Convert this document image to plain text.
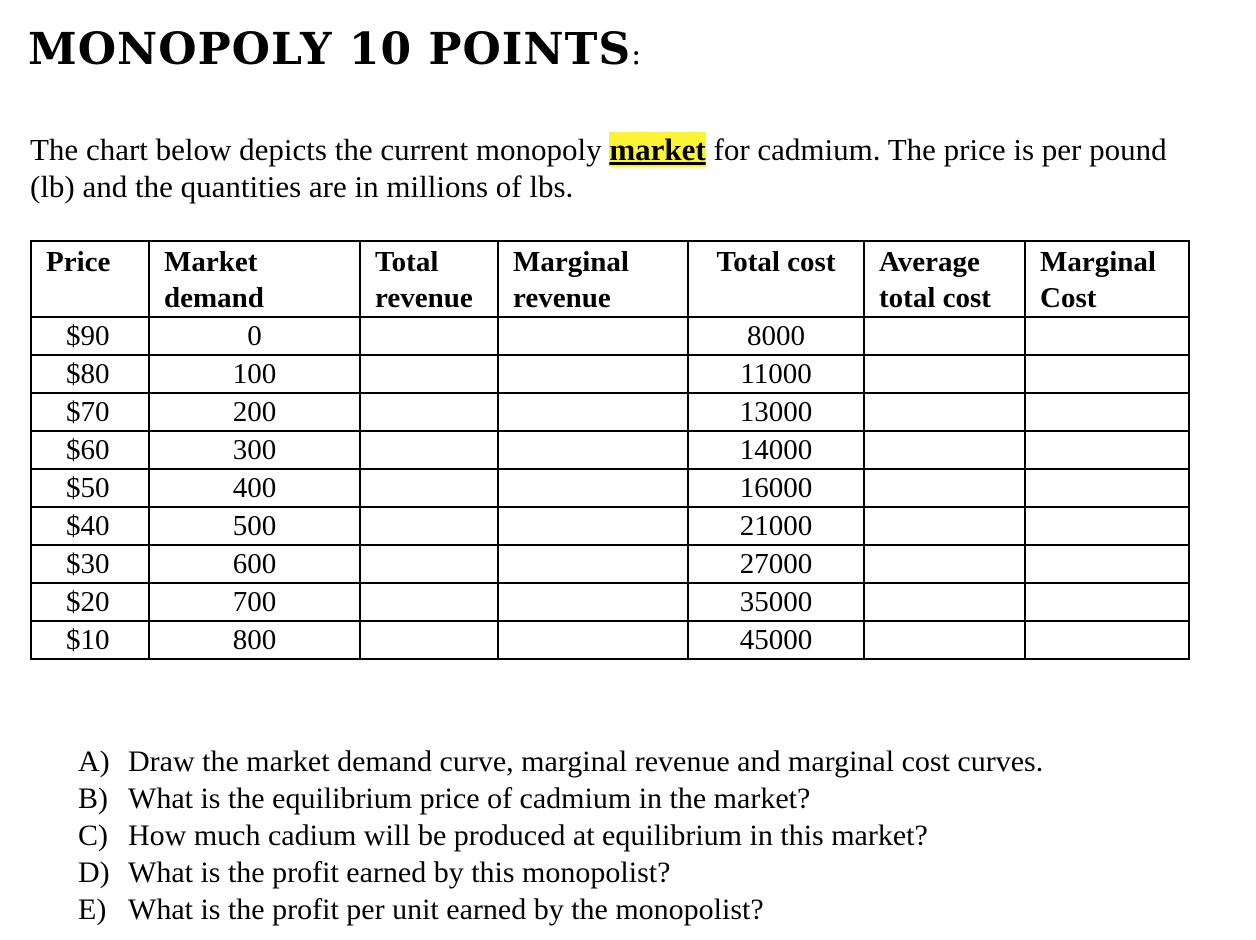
MONOPOLY 10 POINTS:

The chart below depicts the current monopoly market for cadmium. The price is per pound (lb) and the quantities are in millions of lbs.

Price	Market demand	Total revenue	Marginal revenue	Total cost	Average total cost	Marginal Cost
$90	0			8000		
$80	100			11000		
$70	200			13000		
$60	300			14000		
$50	400			16000		
$40	500			21000		
$30	600			27000		
$20	700			35000		
$10	800			45000		
A) Draw the market demand curve, marginal revenue and marginal cost curves.
B) What is the equilibrium price of cadmium in the market?
C) How much cadium will be produced at equilibrium in this market?
D) What is the profit earned by this monopolist?
E) What is the profit per unit earned by the monopolist?
